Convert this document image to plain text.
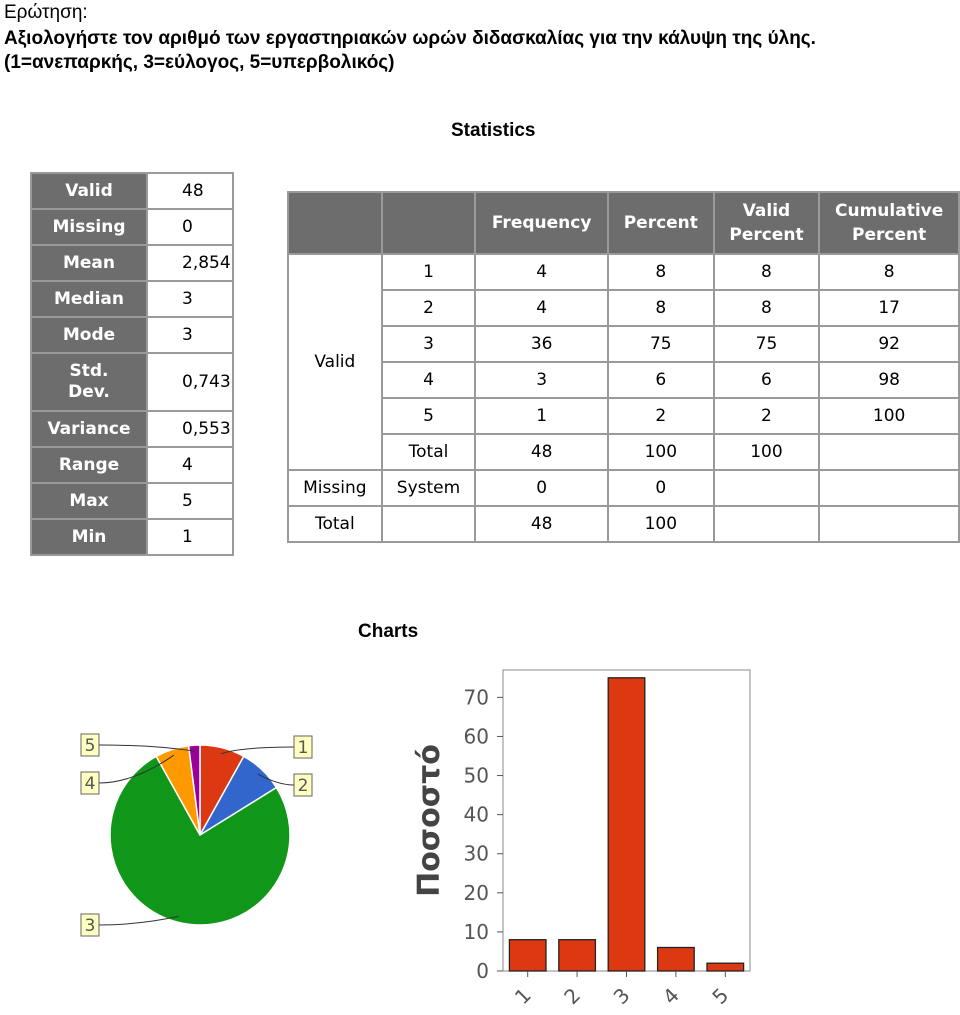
Ερώτηση:
Αξιολογήστε τον αριθμό των εργαστηριακών ωρών διδασκαλίας για την κάλυψη της ύλης.
(1=ανεπαρκής, 3=εύλογος, 5=υπερβολικός)
Statistics
Valid	48
Missing	0
Mean	2,854
Median	3
Mode	3

Std.
Dev.	0,743
Variance	0,553
Range	4
Max	5
Min	1
		Frequency	Percent	Valid Percent	Cumulative Percent
Valid	1	4	8	8	8
	2	4	8	8	17
	3	36	75	75	92
	4	3	6	6	98
	5	1	2	2	100
	Total	48	100	100	
Missing	System	0	0		
Total		48	100		
Charts
1
2
3
4
5
0
10
20
30
40
50
60
70
1 2 3 4 5
Ποσοστό
